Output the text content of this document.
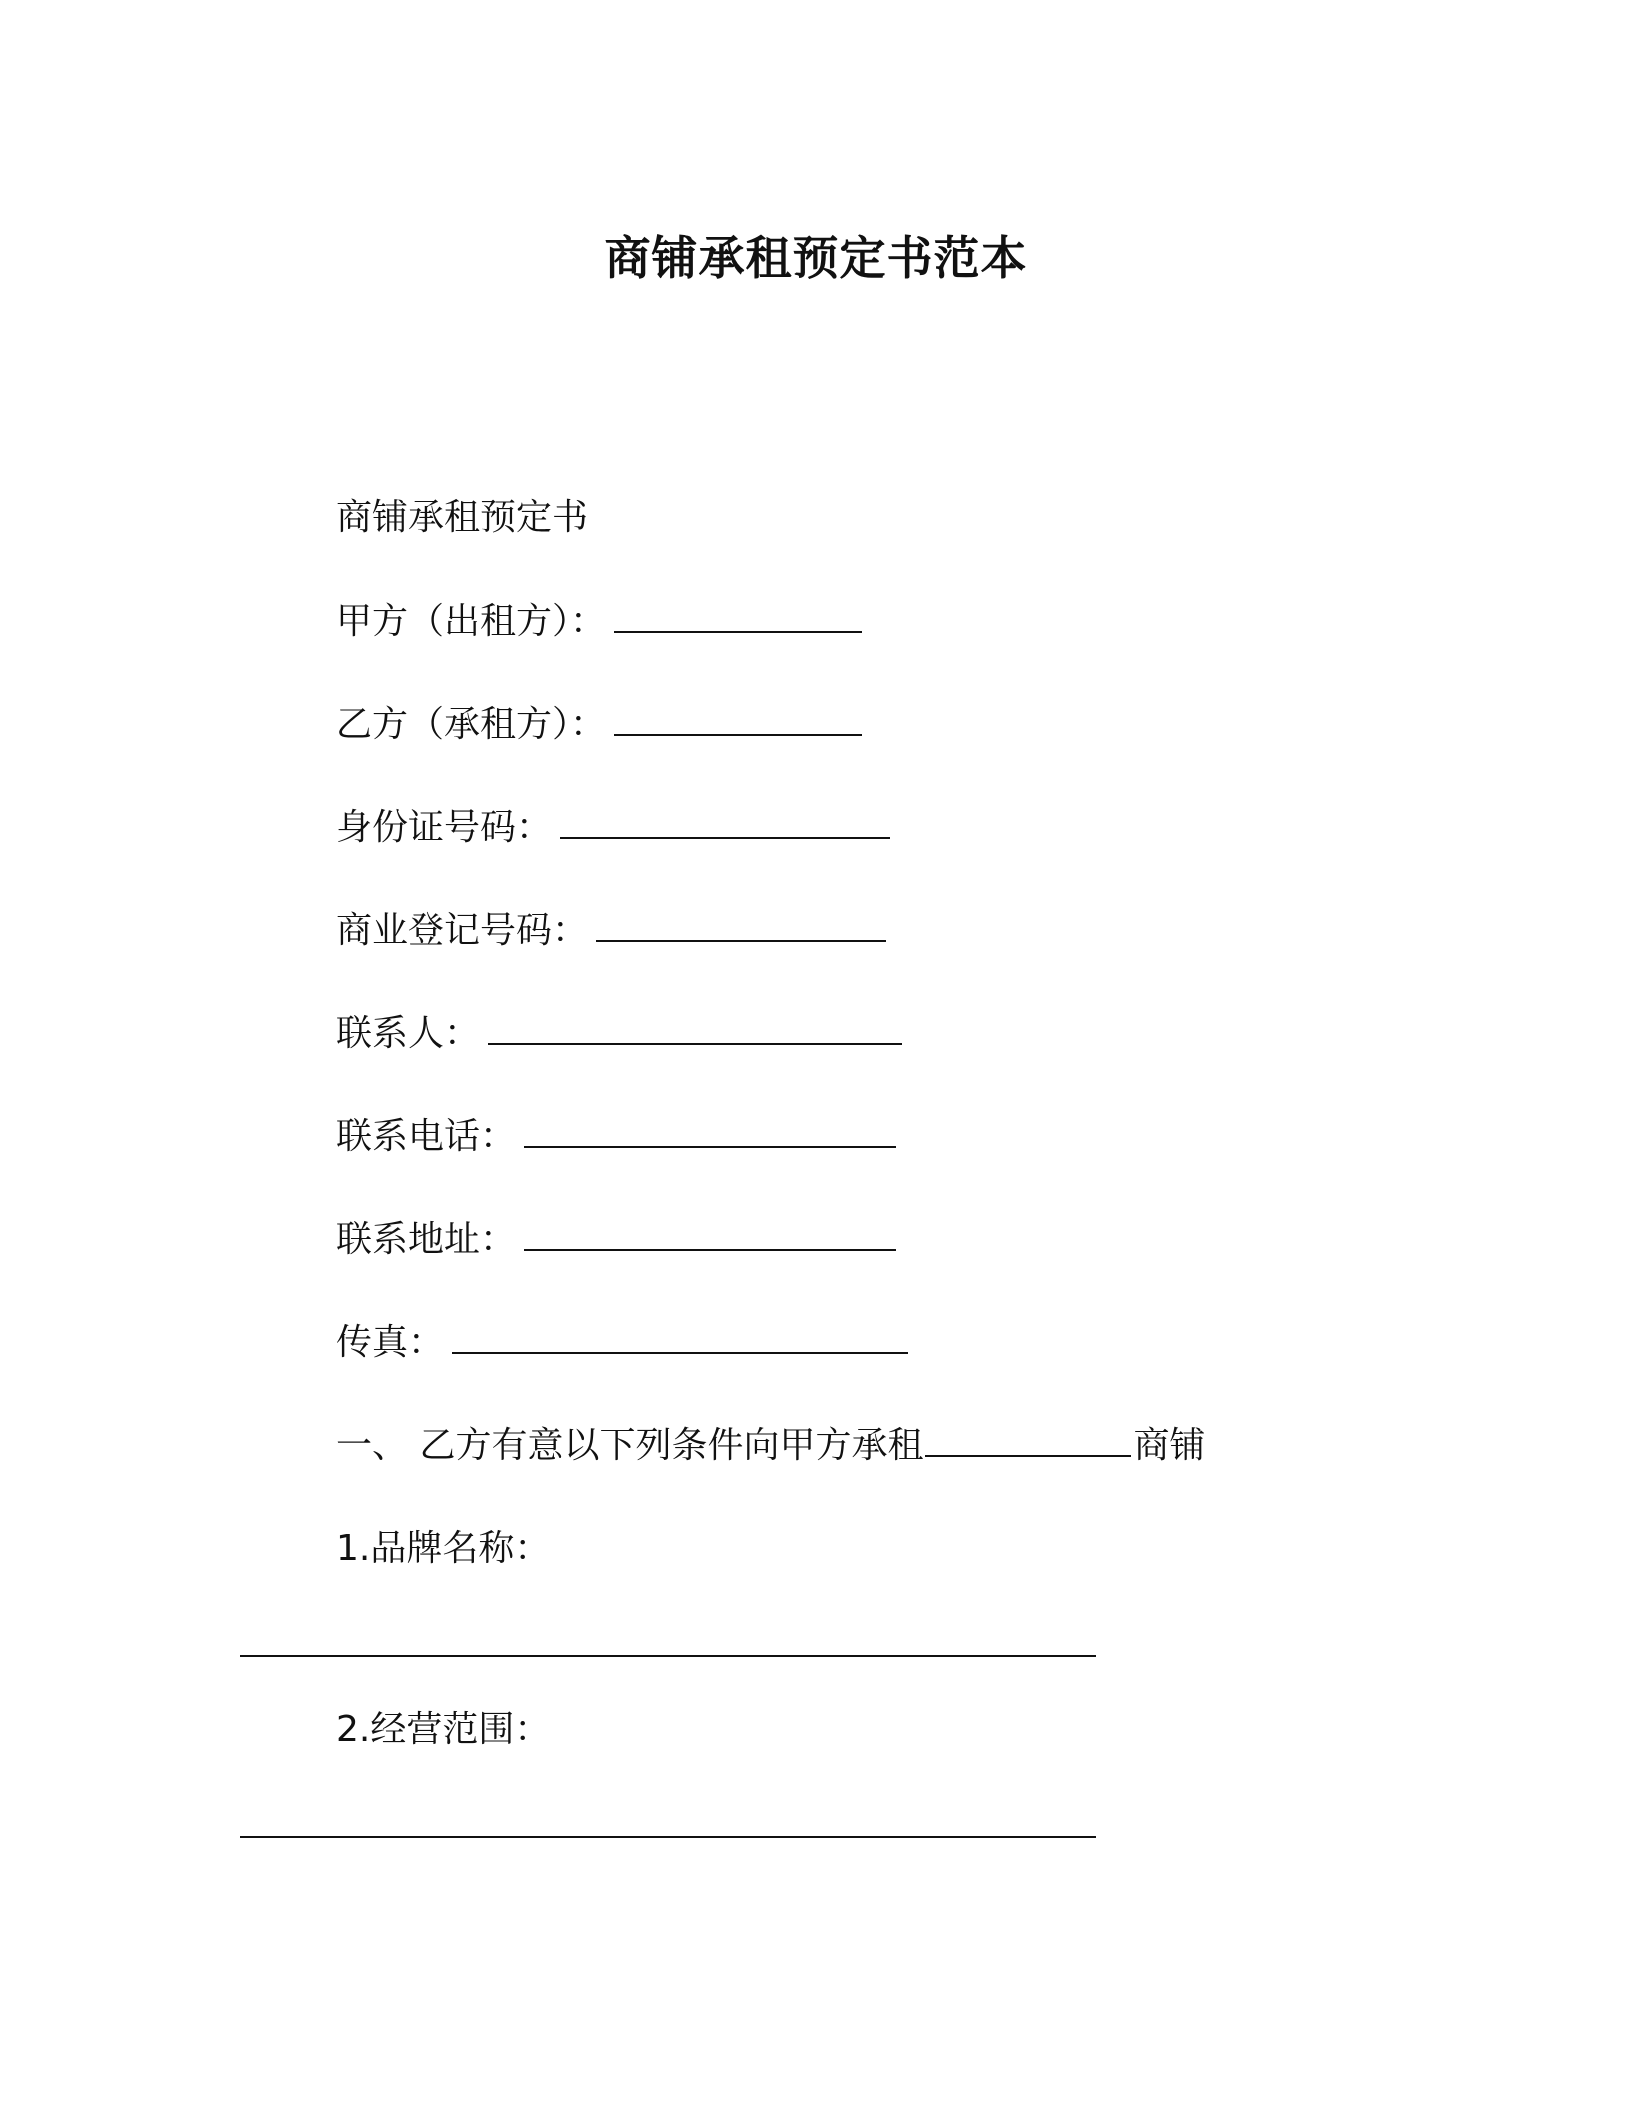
商铺承租预定书范本
商铺承租预定书
甲方（出租方）：
乙方（承租方）：
身份证号码：
商业登记号码：
联系人：
联系电话：
联系地址：
传真：
一、 乙方有意以下列条件向甲方承租	商铺
1.品牌名称：
2.经营范围：
